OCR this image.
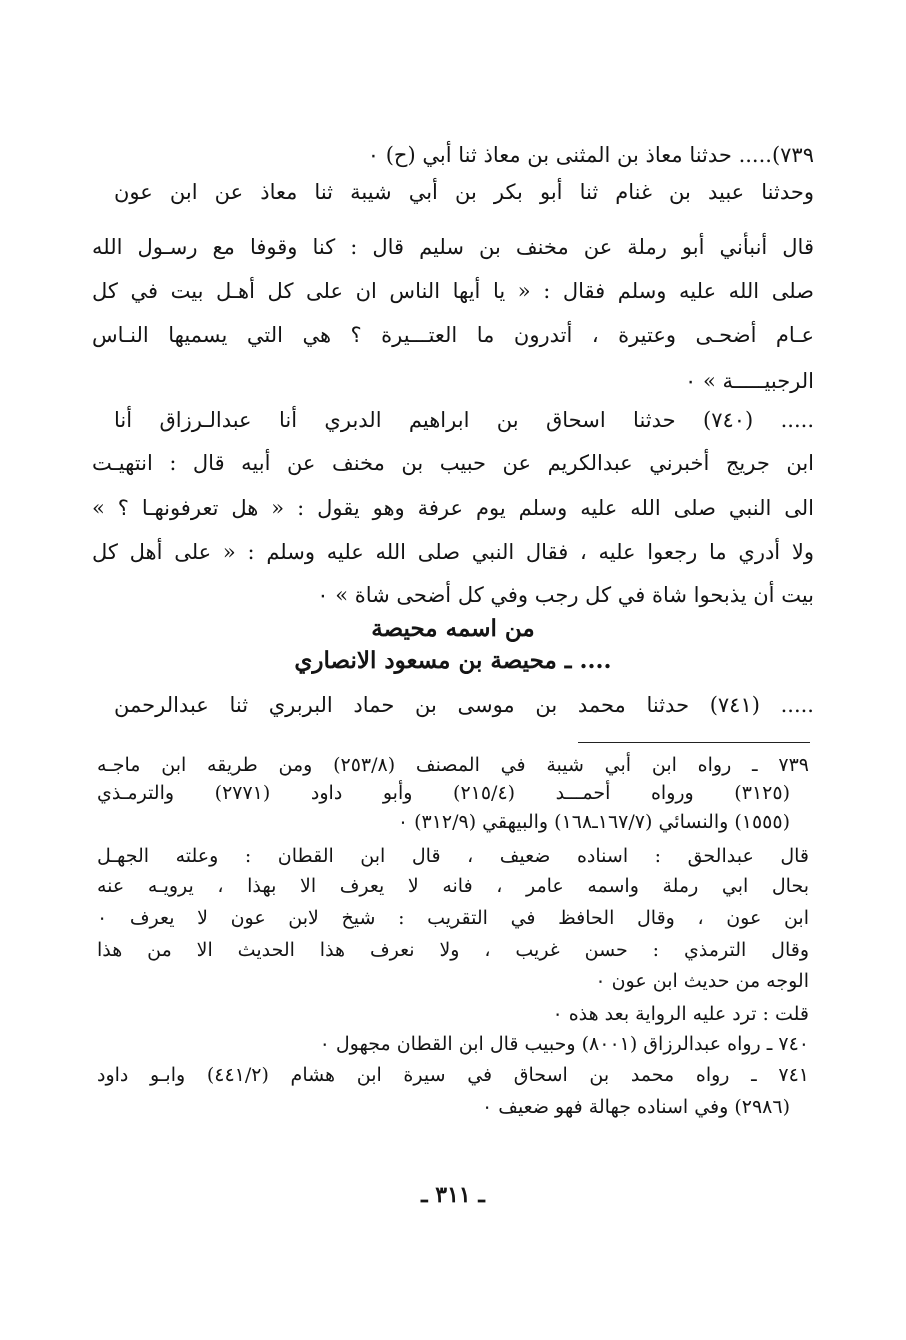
٧٣٩)..... حدثنا معاذ بن المثنى بن معاذ ثنا أبي (ح) ٠
وحدثنا عبيد بن غنام ثنا أبو بكر بن أبي شيبة ثنا معاذ عن ابن عون
قال أنبأني أبو رملة عن مخنف بن سليم قال : كنا وقوفا مع رسـول الله
صلى الله عليه وسلم فقال : « يا أيها الناس ان على كل أهـل بيت في كل
عـام أضحـى وعتيرة ، أتدرون ما العتـــيرة ؟ هي التي يسميها النـاس
الرجبيـــــة » ٠
..... (٧٤٠) حدثنا اسحاق بن ابراهيم الدبري أنا عبدالـرزاق أنا
ابن جريج أخبرني عبدالكريم عن حبيب بن مخنف عن أبيه قال : انتهيـت
الى النبي صلى الله عليه وسلم يوم عرفة وهو يقول : « هل تعرفونهـا ؟ »
ولا أدري ما رجعوا عليه ، فقال النبي صلى الله عليه وسلم : « على أهل كل
بيت أن يذبحوا شاة في كل رجب وفي كل أضحى شاة » ٠
من اسمه محيصة
.... ـ محيصة بن مسعود الانصاري
..... (٧٤١) حدثنا محمد بن موسى بن حماد البربري ثنا عبدالرحمن
٧٣٩ ـ رواه ابن أبي شيبة في المصنف (٢٥٣/٨) ومن طريقه ابن ماجـه
(٣١٢٥) ورواه أحمـــد (٢١٥/٤) وأبو داود (٢٧٧١) والترمـذي
(١٥٥٥) والنسائي (١٦٧/٧ـ١٦٨) والبيهقي (٣١٢/٩) ٠
قال عبدالحق : اسناده ضعيف ، قال ابن القطان : وعلته الجهـل
بحال ابي رملة واسمه عامر ، فانه لا يعرف الا بهذا ، يرويـه عنه
ابن عون ، وقال الحافظ في التقريب : شيخ لابن عون لا يعرف ٠
وقال الترمذي : حسن غريب ، ولا نعرف هذا الحديث الا من هذا
الوجه من حديث ابن عون ٠
قلت : ترد عليه الرواية بعد هذه ٠
٧٤٠ ـ رواه عبدالرزاق (٨٠٠١) وحبيب قال ابن القطان مجهول ٠
٧٤١ ـ رواه محمد بن اسحاق في سيرة ابن هشام (٤٤١/٢) وابـو داود
(٢٩٨٦) وفي اسناده جهالة فهو ضعيف ٠
ـ ٣١١ ـ
